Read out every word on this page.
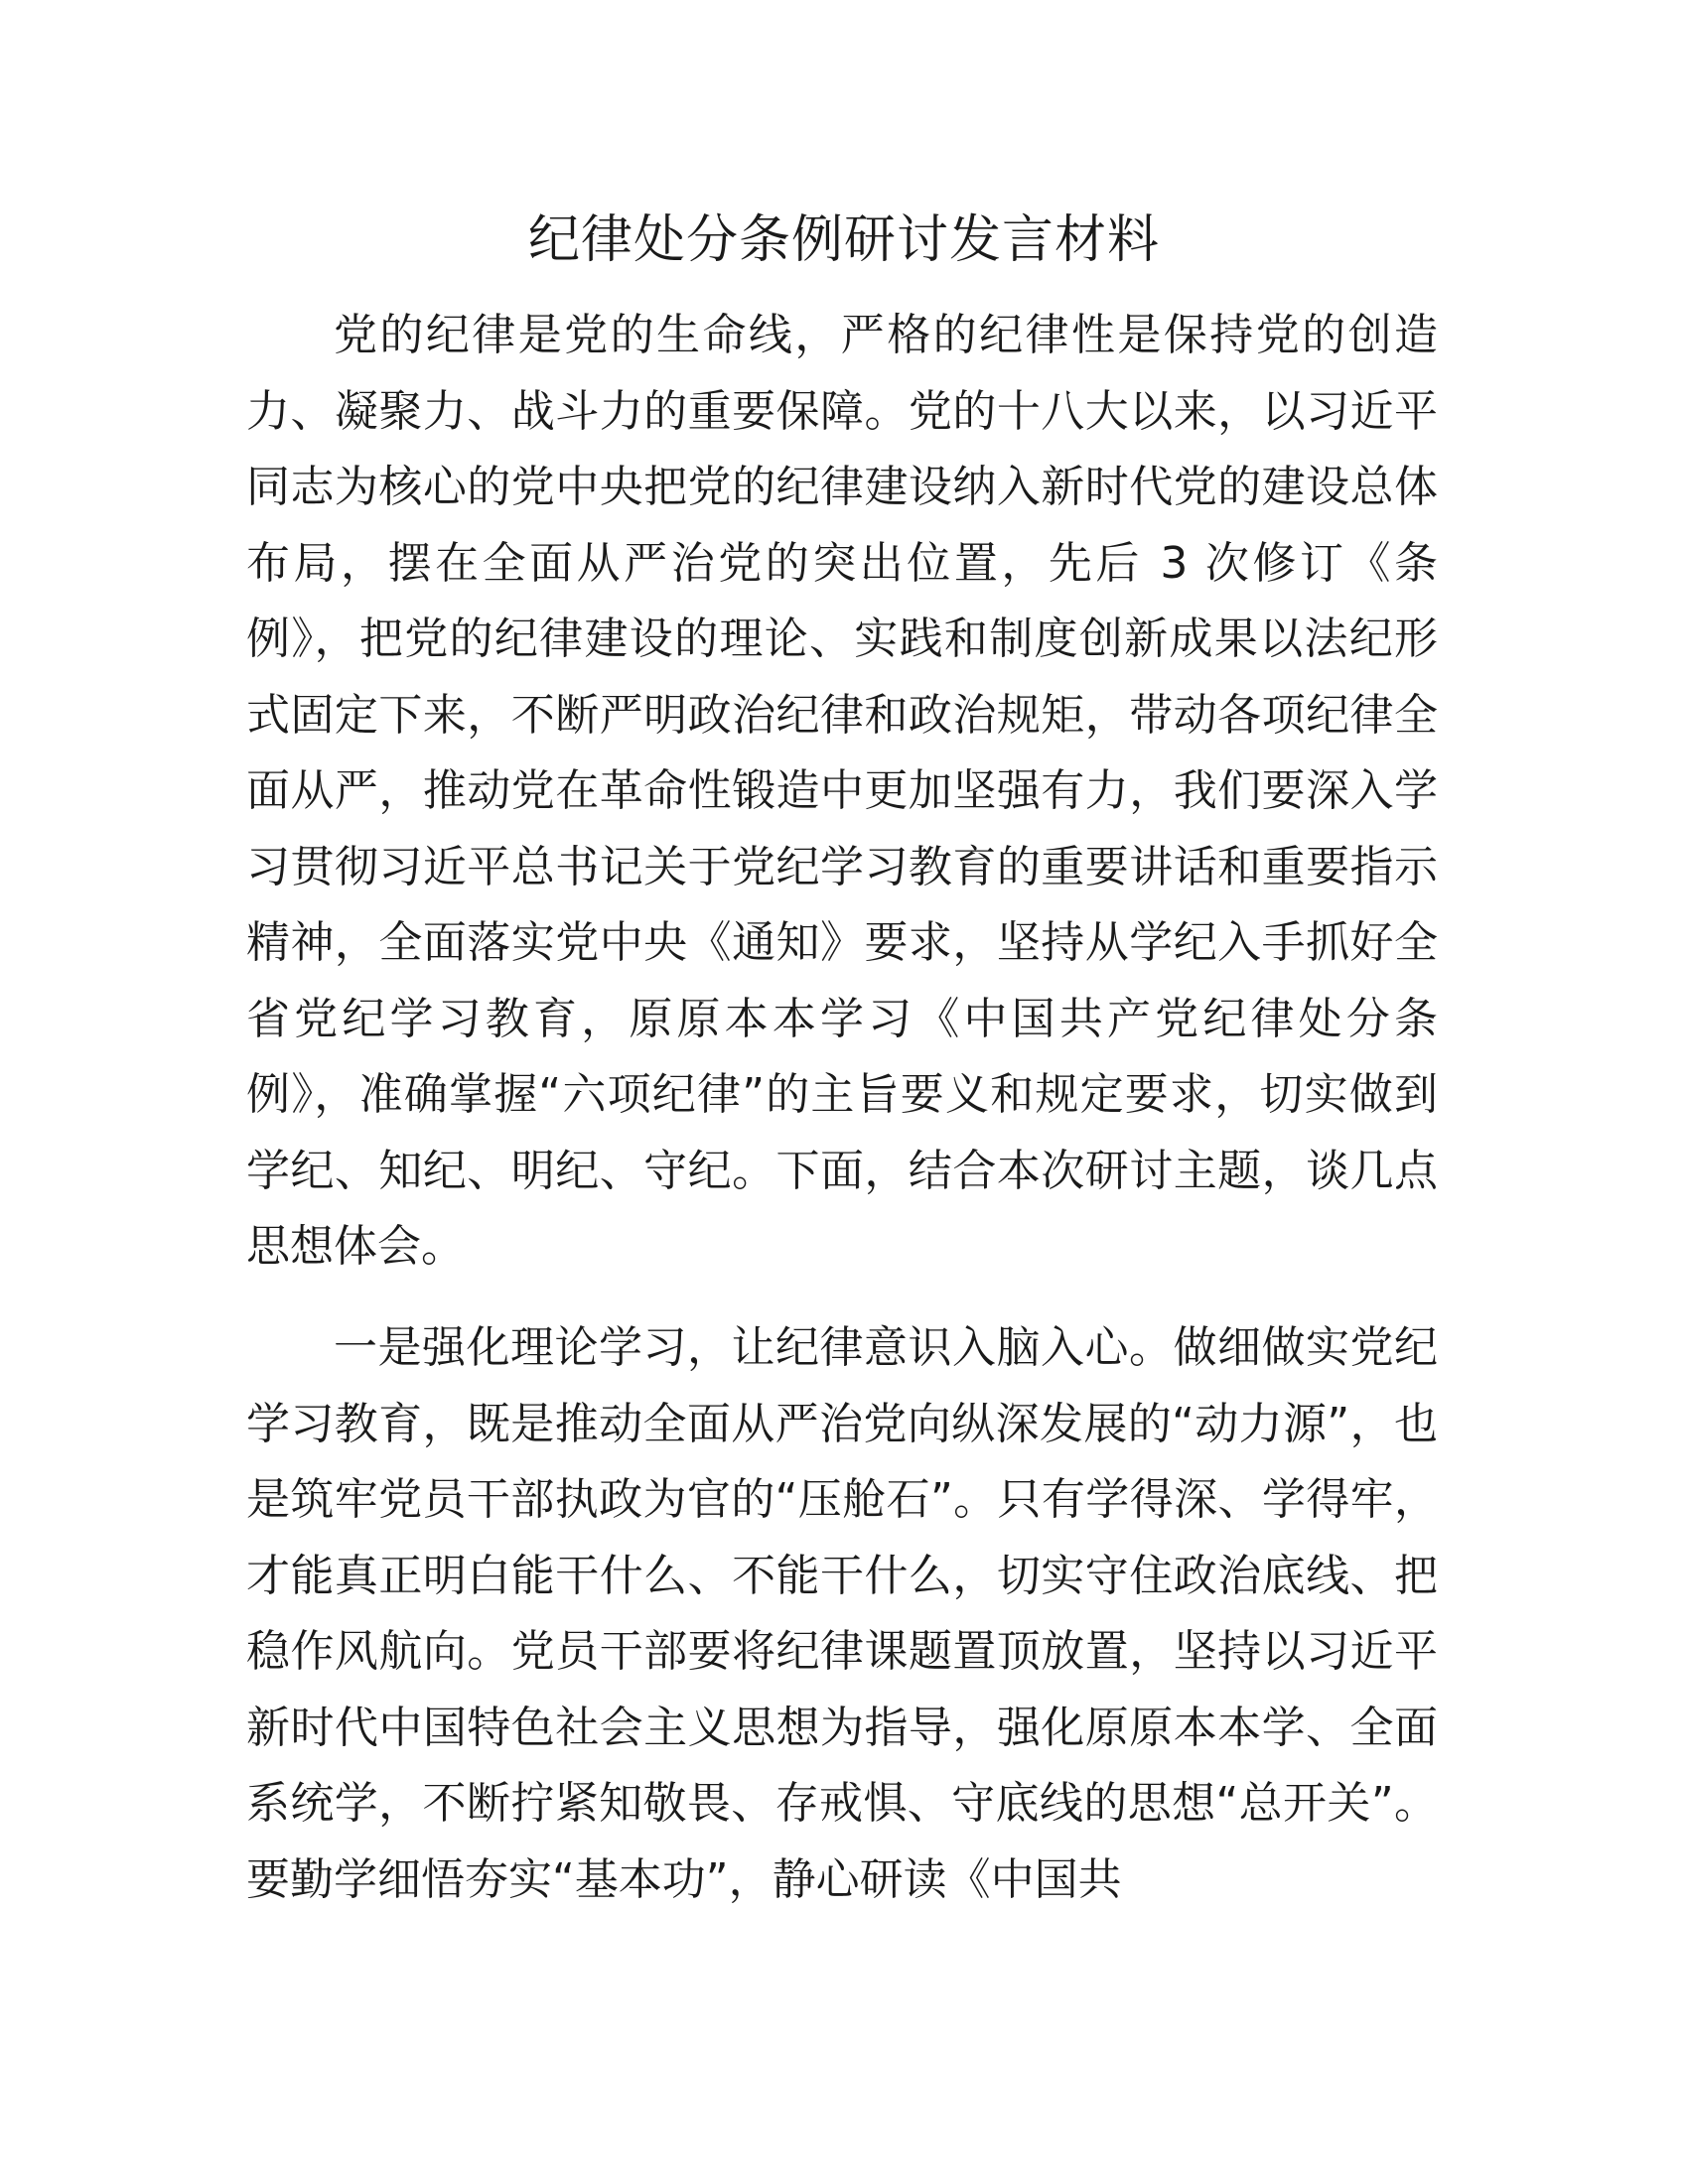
纪律处分条例研讨发言材料

党的纪律是党的生命线，严格的纪律性是保持党的创造力、凝聚力、战斗力的重要保障。党的十八大以来，以习近平同志为核心的党中央把党的纪律建设纳入新时代党的建设总体布局，摆在全面从严治党的突出位置，先后 3 次修订《条例》，把党的纪律建设的理论、实践和制度创新成果以法纪形式固定下来，不断严明政治纪律和政治规矩，带动各项纪律全面从严，推动党在革命性锻造中更加坚强有力，我们要深入学习贯彻习近平总书记关于党纪学习教育的重要讲话和重要指示精神，全面落实党中央《通知》要求，坚持从学纪入手抓好全省党纪学习教育，原原本本学习《中国共产党纪律处分条例》，准确掌握“六项纪律”的主旨要义和规定要求，切实做到学纪、知纪、明纪、守纪。下面，结合本次研讨主题，谈几点思想体会。

一是强化理论学习，让纪律意识入脑入心。做细做实党纪学习教育，既是推动全面从严治党向纵深发展的“动力源”，也是筑牢党员干部执政为官的“压舱石”。只有学得深、学得牢，才能真正明白能干什么、不能干什么，切实守住政治底线、把稳作风航向。党员干部要将纪律课题置顶放置，坚持以习近平新时代中国特色社会主义思想为指导，强化原原本本学、全面系统学，不断拧紧知敬畏、存戒惧、守底线的思想“总开关”。要勤学细悟夯实“基本功”，静心研读《中国共
